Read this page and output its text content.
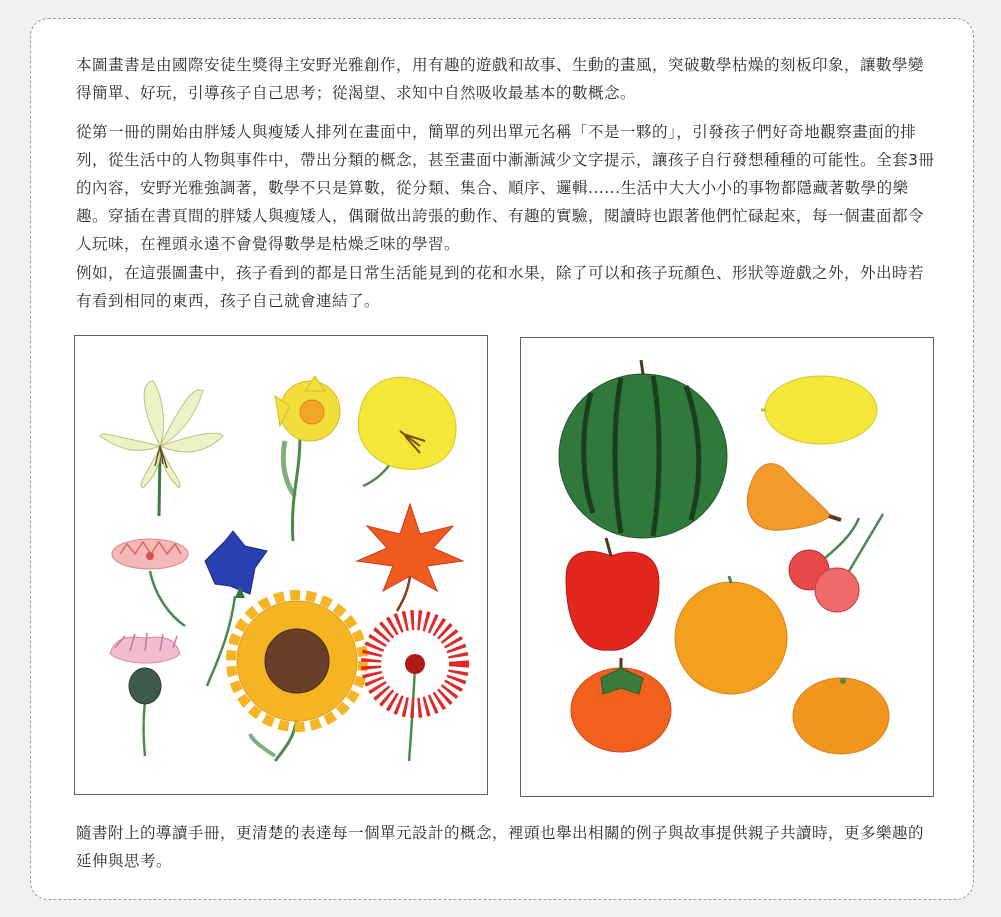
本圖畫書是由國際安徒生獎得主安野光雅創作，用有趣的遊戲和故事、生動的畫風，突破數學枯燥的刻板印象，讓數學變得簡單、好玩，引導孩子自己思考；從渴望、求知中自然吸收最基本的數概念。

從第一冊的開始由胖矮人與瘦矮人排列在畫面中，簡單的列出單元名稱「不是一夥的」，引發孩子們好奇地觀察畫面的排列，從生活中的人物與事件中，帶出分類的概念，甚至畫面中漸漸減少文字提示，讓孩子自行發想種種的可能性。全套3冊的內容，安野光雅強調著，數學不只是算數，從分類、集合、順序、邏輯......生活中大大小小的事物都隱藏著數學的樂趣。穿插在書頁間的胖矮人與瘦矮人，偶爾做出誇張的動作、有趣的實驗，閱讀時也跟著他們忙碌起來，每一個畫面都令人玩味，在裡頭永遠不會覺得數學是枯燥乏味的學習。

例如，在這張圖畫中，孩子看到的都是日常生活能見到的花和水果，除了可以和孩子玩顏色、形狀等遊戲之外，外出時若有看到相同的東西，孩子自己就會連結了。

隨書附上的導讀手冊，更清楚的表達每一個單元設計的概念，裡頭也舉出相關的例子與故事提供親子共讀時，更多樂趣的延伸與思考。
